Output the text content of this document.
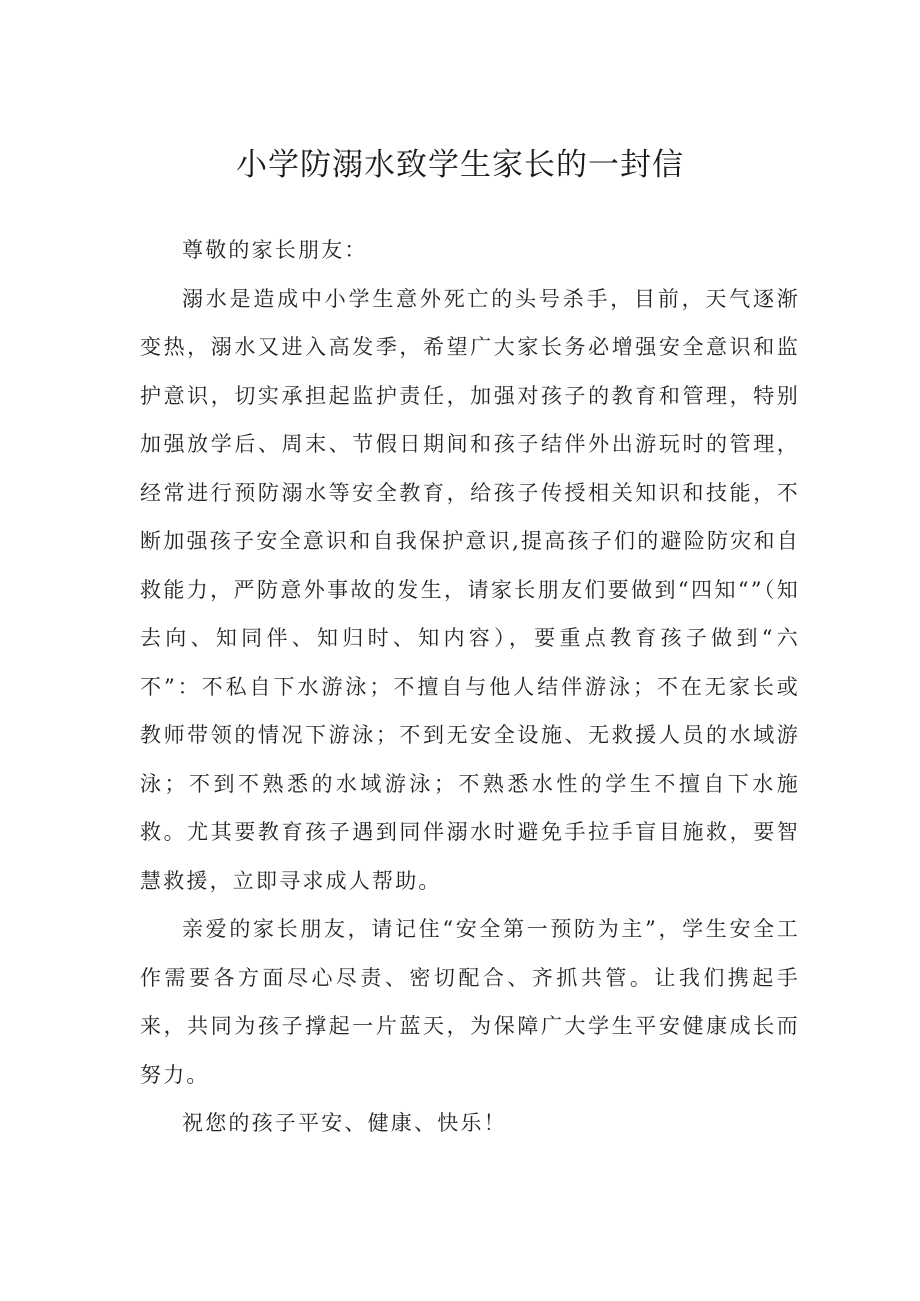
小学防溺水致学生家长的一封信

尊敬的家长朋友：

溺水是造成中小学生意外死亡的头号杀手，目前，天气逐渐变热，溺水又进入高发季，希望广大家长务必增强安全意识和监护意识，切实承担起监护责任，加强对孩子的教育和管理，特别加强放学后、周末、节假日期间和孩子结伴外出游玩时的管理，经常进行预防溺水等安全教育，给孩子传授相关知识和技能，不断加强孩子安全意识和自我保护意识,提高孩子们的避险防灾和自救能力，严防意外事故的发生，请家长朋友们要做到“四知“”（知去向、知同伴、知归时、知内容），要重点教育孩子做到“六不”：不私自下水游泳；不擅自与他人结伴游泳；不在无家长或教师带领的情况下游泳；不到无安全设施、无救援人员的水域游泳；不到不熟悉的水域游泳；不熟悉水性的学生不擅自下水施救。尤其要教育孩子遇到同伴溺水时避免手拉手盲目施救，要智慧救援，立即寻求成人帮助。

亲爱的家长朋友，请记住“安全第一预防为主”，学生安全工作需要各方面尽心尽责、密切配合、齐抓共管。让我们携起手来，共同为孩子撑起一片蓝天，为保障广大学生平安健康成长而努力。

祝您的孩子平安、健康、快乐！
